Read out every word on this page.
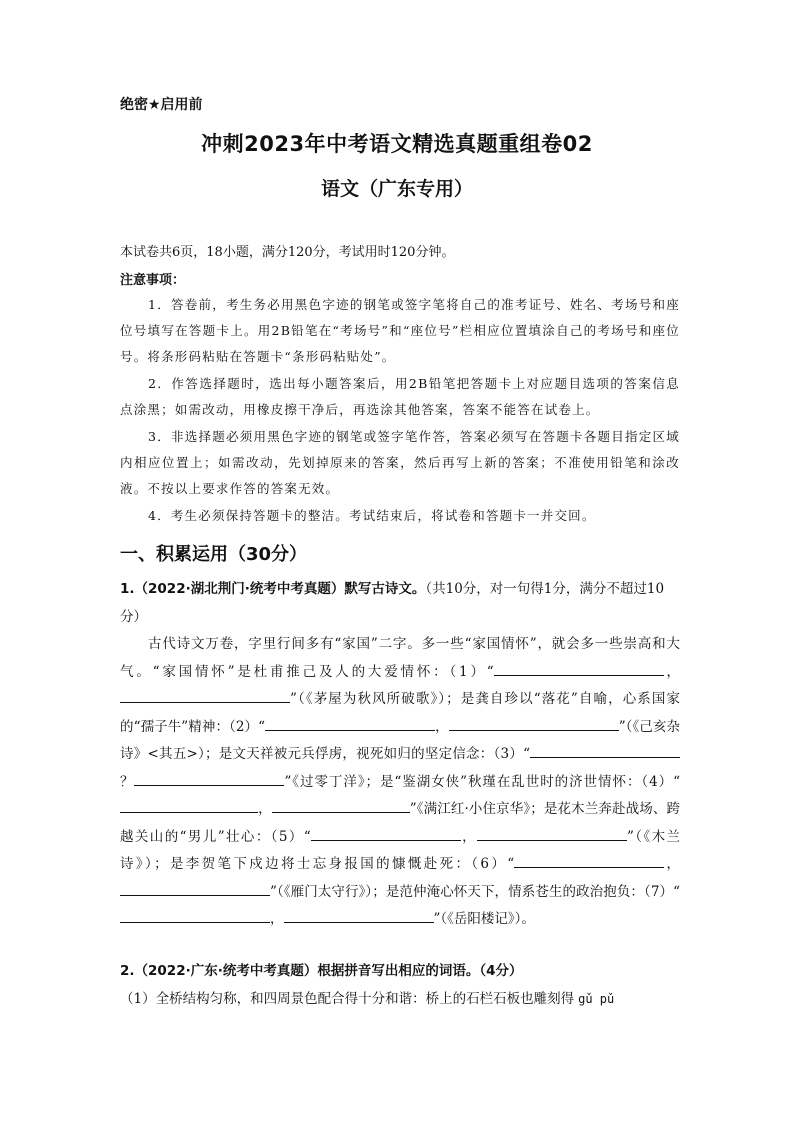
绝密★启用前
冲刺2023年中考语文精选真题重组卷02
语文（广东专用）
本试卷共6页，18小题，满分120分，考试用时120分钟。
注意事项：

1．答卷前，考生务必用黑色字迹的钢笔或签字笔将自己的准考证号、姓名、考场号和座位号填写在答题卡上。用2B铅笔在“考场号”和“座位号”栏相应位置填涂自己的考场号和座位号。将条形码粘贴在答题卡“条形码粘贴处”。

2．作答选择题时，选出每小题答案后，用2B铅笔把答题卡上对应题目选项的答案信息点涂黑；如需改动，用橡皮擦干净后，再选涂其他答案，答案不能答在试卷上。

3．非选择题必须用黑色字迹的钢笔或签字笔作答，答案必须写在答题卡各题目指定区域内相应位置上；如需改动，先划掉原来的答案，然后再写上新的答案；不准使用铅笔和涂改液。不按以上要求作答的答案无效。

4．考生必须保持答题卡的整洁。考试结束后，将试卷和答题卡一并交回。

一、积累运用（30分）
1.（2022·湖北荆门·统考中考真题）默写古诗文。（共10分，对一句得1分，满分不超过10分）

古代诗文万卷，字里行间多有“家国”二字。多一些“家国情怀”，就会多一些崇高和大气。“家国情怀”是杜甫推己及人的大爱情怀：（1）“	，”（《茅屋为秋风所破歌》）；是龚自珍以“落花”自喻，心系国家的“孺子牛”精神：（2）“	，	”（《己亥杂诗》<其五>）；是文天祥被元兵俘虏，视死如归的坚定信念：（3）“？	”《过零丁洋》；是“鉴湖女侠”秋瑾在乱世时的济世情怀：（4）“，	”《满江红·小住京华》；是花木兰奔赴战场、跨越关山的“男儿”壮心：（5）“	，	”（《木兰诗》）；是李贺笔下戍边将士忘身报国的慷慨赴死：（6）“	，”（《雁门太守行》）；是范仲淹心怀天下，情系苍生的政治抱负：（7）“，	”（《岳阳楼记》）。

2.（2022·广东·统考中考真题）根据拼音写出相应的词语。（4分）
（1）全桥结构匀称，和四周景色配合得十分和谐：桥上的石栏石板也雕刻得 gǔ pǔ
